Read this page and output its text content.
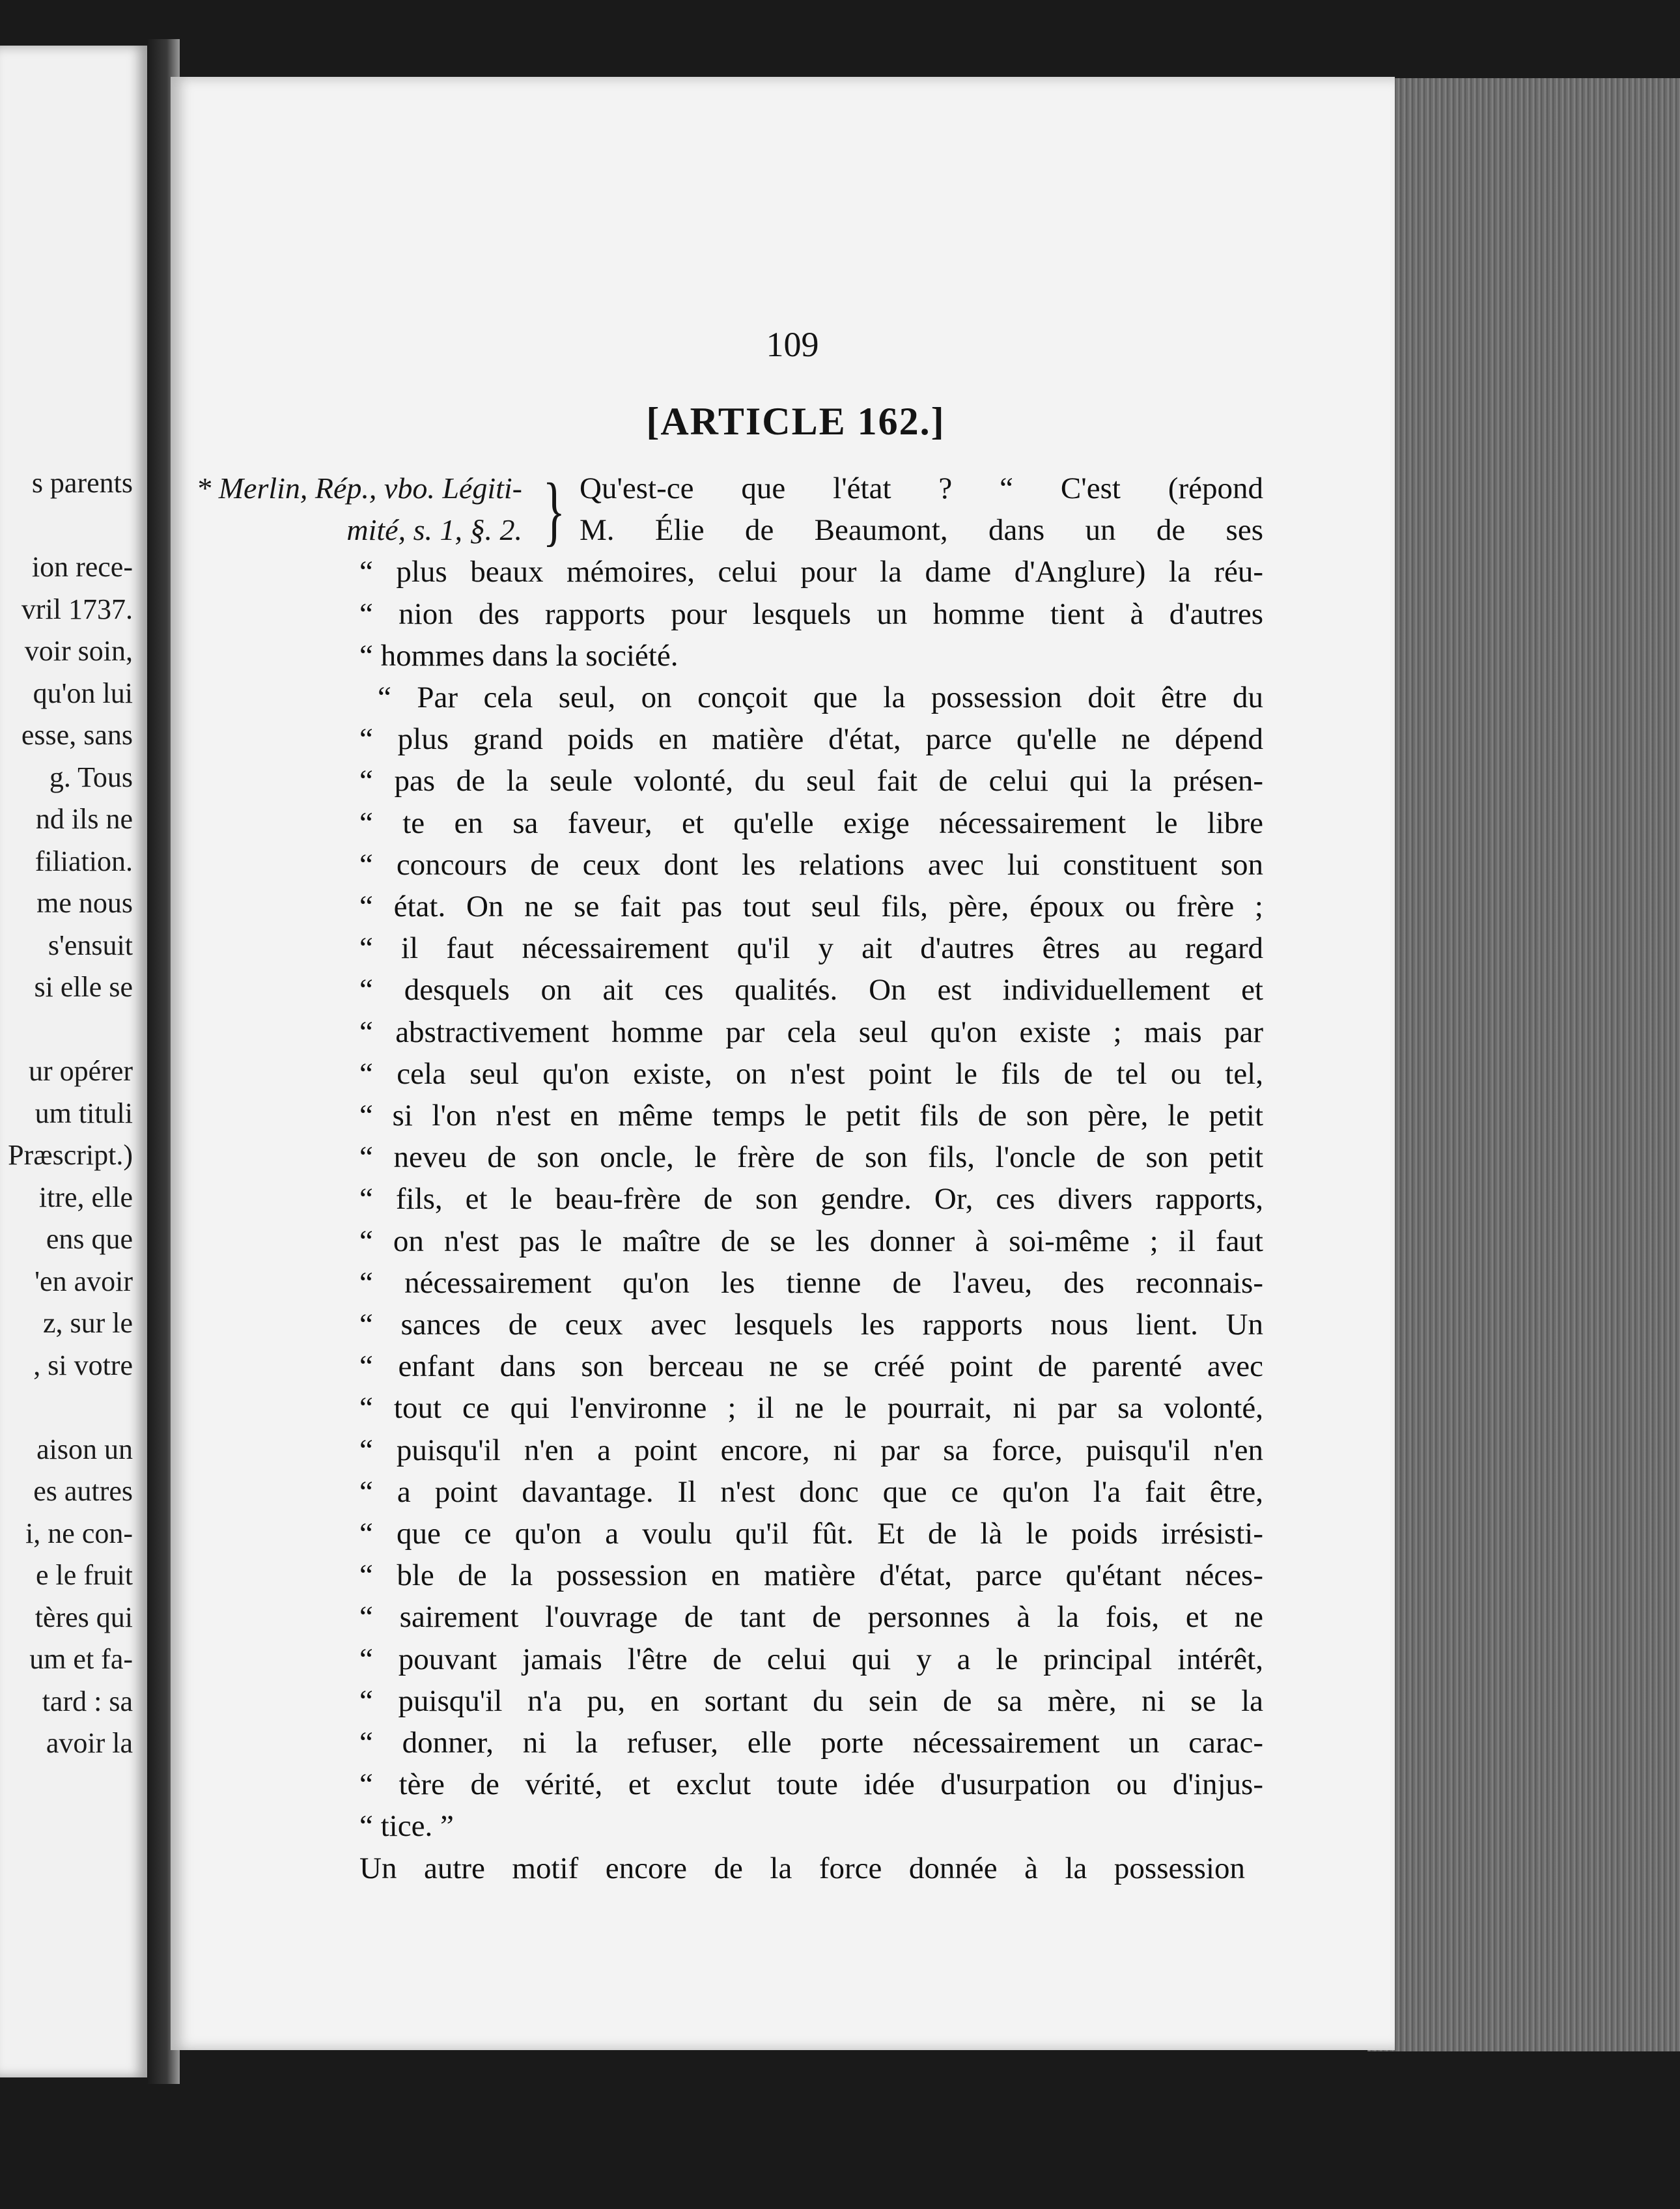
s parents
ion rece-
vril 1737.
voir soin,
qu'on lui
esse, sans
g. Tous
nd ils ne
filiation.
me nous
s'ensuit
si elle se
ur opérer
um tituli
Præscript.)
itre, elle
ens que
'en avoir
z, sur le
, si votre
aison un
es autres
i, ne con-
e le fruit
tères qui
um et fa-
tard : sa
avoir la
109
[ARTICLE 162.]
* Merlin, Rép., vbo. Légiti-
mité, s. 1, §. 2. } Qu'est-ce que l'état ? “ C'est (répond
M. Élie de Beaumont, dans un de ses
“ plus beaux mémoires, celui pour la dame d'Anglure) la réu-
“ nion des rapports pour lesquels un homme tient à d'autres
“ hommes dans la société.
“ Par cela seul, on conçoit que la possession doit être du
“ plus grand poids en matière d'état, parce qu'elle ne dépend
“ pas de la seule volonté, du seul fait de celui qui la présen-
“ te en sa faveur, et qu'elle exige nécessairement le libre
“ concours de ceux dont les relations avec lui constituent son
“ état. On ne se fait pas tout seul fils, père, époux ou frère ;
“ il faut nécessairement qu'il y ait d'autres êtres au regard
“ desquels on ait ces qualités. On est individuellement et
“ abstractivement homme par cela seul qu'on existe ; mais par
“ cela seul qu'on existe, on n'est point le fils de tel ou tel,
“ si l'on n'est en même temps le petit fils de son père, le petit
“ neveu de son oncle, le frère de son fils, l'oncle de son petit
“ fils, et le beau-frère de son gendre. Or, ces divers rapports,
“ on n'est pas le maître de se les donner à soi-même ; il faut
“ nécessairement qu'on les tienne de l'aveu, des reconnais-
“ sances de ceux avec lesquels les rapports nous lient. Un
“ enfant dans son berceau ne se créé point de parenté avec
“ tout ce qui l'environne ; il ne le pourrait, ni par sa volonté,
“ puisqu'il n'en a point encore, ni par sa force, puisqu'il n'en
“ a point davantage. Il n'est donc que ce qu'on l'a fait être,
“ que ce qu'on a voulu qu'il fût. Et de là le poids irrésisti-
“ ble de la possession en matière d'état, parce qu'étant néces-
“ sairement l'ouvrage de tant de personnes à la fois, et ne
“ pouvant jamais l'être de celui qui y a le principal intérêt,
“ puisqu'il n'a pu, en sortant du sein de sa mère, ni se la
“ donner, ni la refuser, elle porte nécessairement un carac-
“ tère de vérité, et exclut toute idée d'usurpation ou d'injus-
“ tice. ”
Un autre motif encore de la force donnée à la possession
